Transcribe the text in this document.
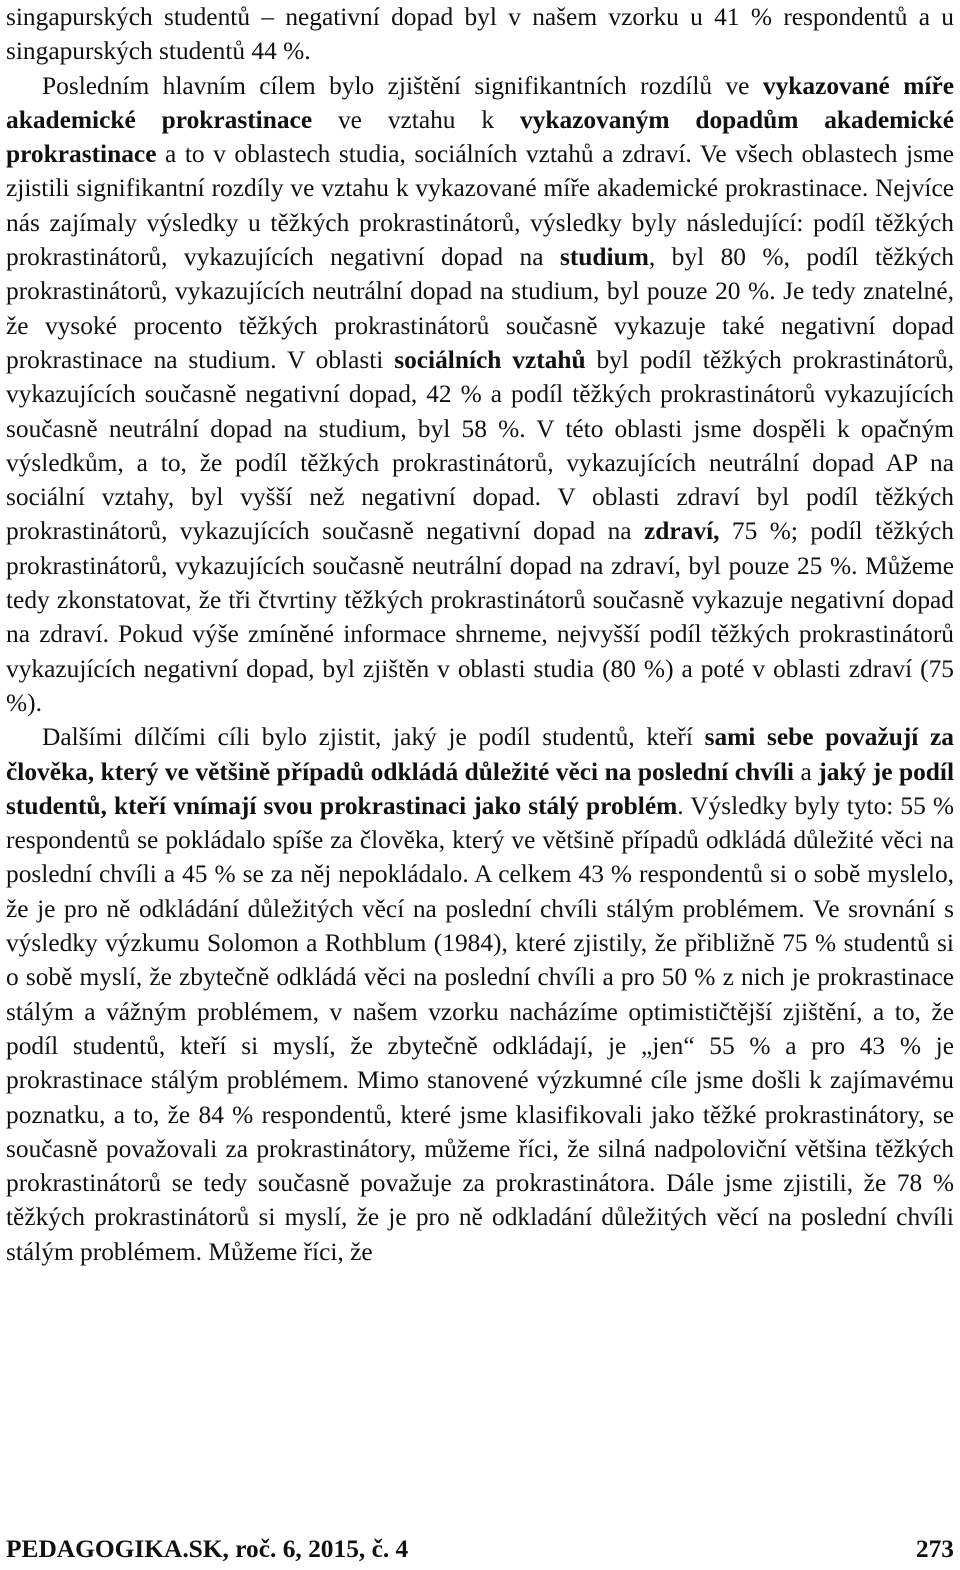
singapurských studentů – negativní dopad byl v našem vzorku u 41 % respondentů a u singapurských studentů 44 %.

Posledním hlavním cílem bylo zjištění signifikantních rozdílů ve vykazované míře akademické prokrastinace ve vztahu k vykazovaným dopadům akademické prokrastinace a to v oblastech studia, sociálních vztahů a zdraví. Ve všech oblastech jsme zjistili signifikantní rozdíly ve vztahu k vykazované míře akademické prokrastinace. Nejvíce nás zajímaly výsledky u těžkých prokrastinátorů, výsledky byly následující: podíl těžkých prokrastinátorů, vykazujících negativní dopad na studium, byl 80 %, podíl těžkých prokrastinátorů, vykazujících neutrální dopad na studium, byl pouze 20 %. Je tedy znatelné, že vysoké procento těžkých prokrastinátorů současně vykazuje také negativní dopad prokrastinace na studium. V oblasti sociálních vztahů byl podíl těžkých prokrastinátorů, vykazujících současně negativní dopad, 42 % a podíl těžkých prokrastinátorů vykazujících současně neutrální dopad na studium, byl 58 %. V této oblasti jsme dospěli k opačným výsledkům, a to, že podíl těžkých prokrastinátorů, vykazujících neutrální dopad AP na sociální vztahy, byl vyšší než negativní dopad. V oblasti zdraví byl podíl těžkých prokrastinátorů, vykazujících současně negativní dopad na zdraví, 75 %; podíl těžkých prokrastinátorů, vykazujících současně neutrální dopad na zdraví, byl pouze 25 %. Můžeme tedy zkonstatovat, že tři čtvrtiny těžkých prokrastinátorů současně vykazuje negativní dopad na zdraví. Pokud výše zmíněné informace shrneme, nejvyšší podíl těžkých prokrastinátorů vykazujících negativní dopad, byl zjištěn v oblasti studia (80 %) a poté v oblasti zdraví (75 %).

Dalšími dílčími cíli bylo zjistit, jaký je podíl studentů, kteří sami sebe považují za člověka, který ve většině případů odkládá důležité věci na poslední chvíli a jaký je podíl studentů, kteří vnímají svou prokrastinaci jako stálý problém. Výsledky byly tyto: 55 % respondentů se pokládalo spíše za člověka, který ve většině případů odkládá důležité věci na poslední chvíli a 45 % se za něj nepokládalo. A celkem 43 % respondentů si o sobě myslelo, že je pro ně odkládání důležitých věcí na poslední chvíli stálým problémem. Ve srovnání s výsledky výzkumu Solomon a Rothblum (1984), které zjistily, že přibližně 75 % studentů si o sobě myslí, že zbytečně odkládá věci na poslední chvíli a pro 50 % z nich je prokrastinace stálým a vážným problémem, v našem vzorku nacházíme optimističtější zjištění, a to, že podíl studentů, kteří si myslí, že zbytečně odkládají, je „jen“ 55 % a pro 43 % je prokrastinace stálým problémem. Mimo stanovené výzkumné cíle jsme došli k zajímavému poznatku, a to, že 84 % respondentů, které jsme klasifikovali jako těžké prokrastinátory, se současně považovali za prokrastinátory, můžeme říci, že silná nadpoloviční většina těžkých prokrastinátorů se tedy současně považuje za prokrastinátora. Dále jsme zjistili, že 78 % těžkých prokrastinátorů si myslí, že je pro ně odkladání důležitých věcí na poslední chvíli stálým problémem. Můžeme říci, že

PEDAGOGIKA.SK, roč. 6, 2015, č. 4	273
